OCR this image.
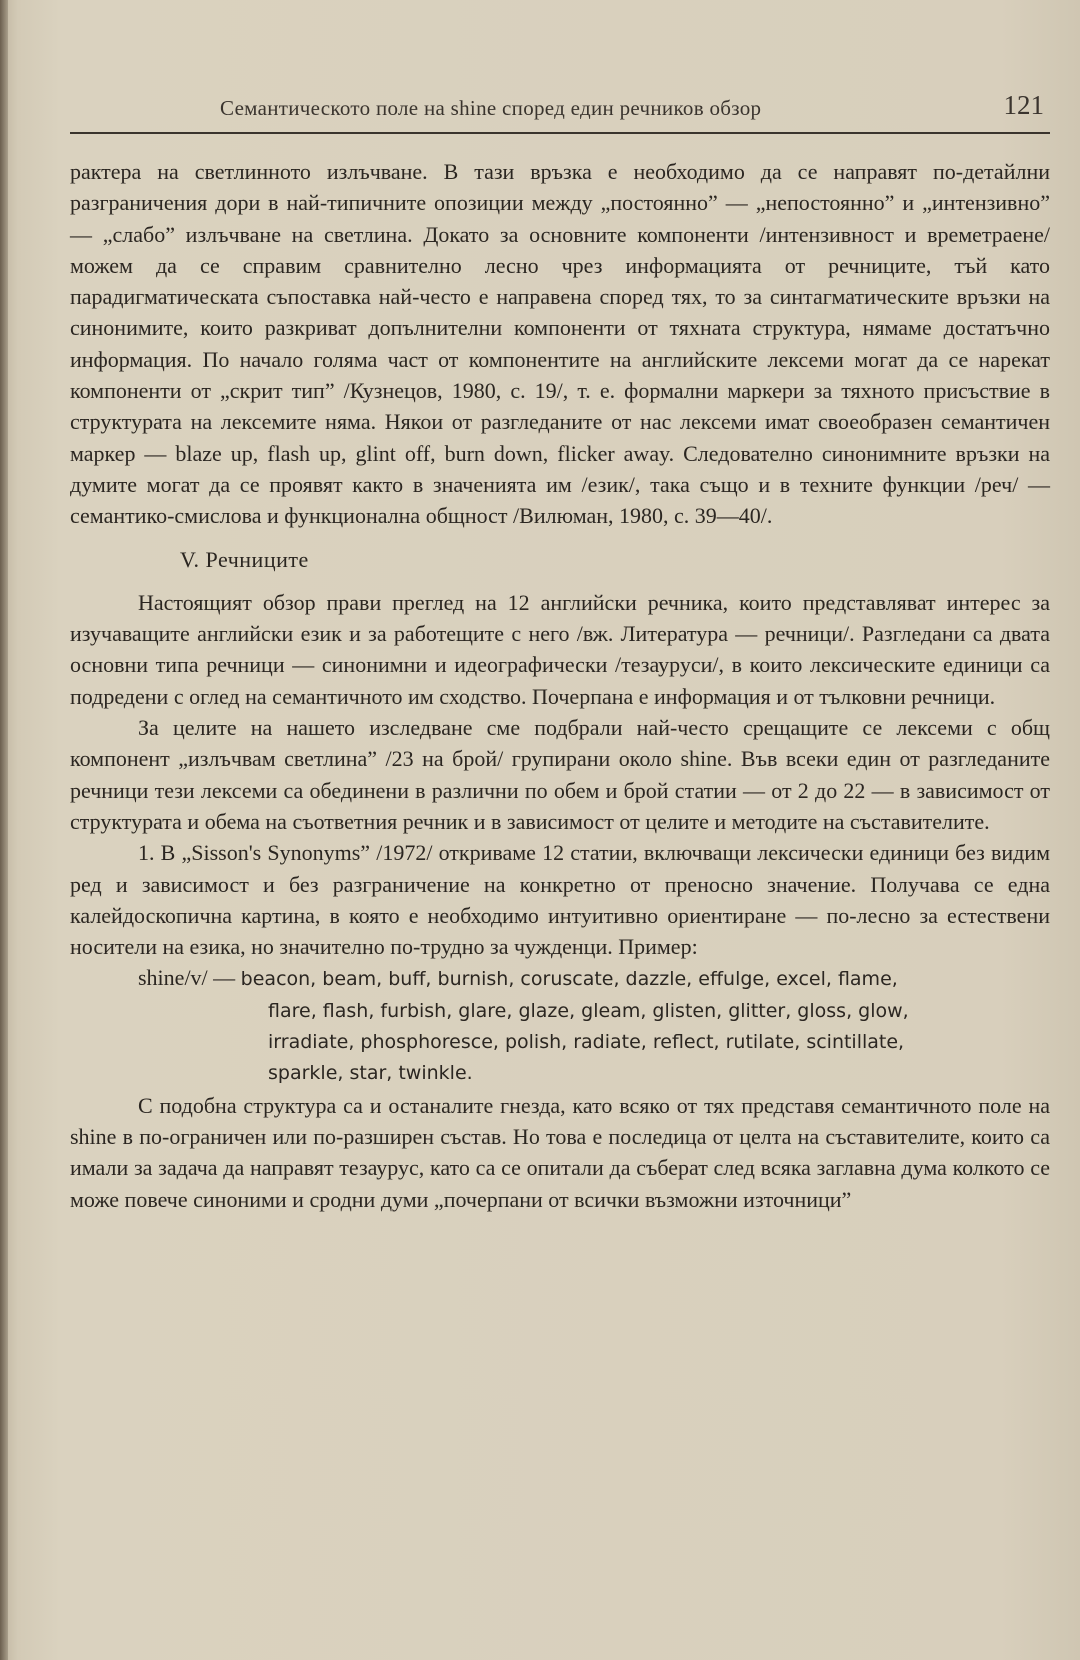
Семантическото поле на shine според един речников обзор	121

рактера на светлинното излъчване. В тази връзка е необходимо да се направят по-детайлни разграничения дори в най-типичните опозиции между „постоянно” — „непостоянно” и „интензивно” — „слабо” излъчване на светлина. Докато за основните компоненти /интензивност и времетраене/ можем да се справим сравнително лесно чрез информацията от речниците, тъй като парадигматическата съпоставка най-често е направена според тях, то за синтагматическите връзки на синонимите, които разкриват допълнителни компоненти от тяхната структура, нямаме достатъчно информация. По начало голяма част от компонентите на английските лексеми могат да се нарекат компоненти от „скрит тип” /Кузнецов, 1980, с. 19/, т. е. формални маркери за тяхното присъствие в структурата на лексемите няма. Някои от разгледаните от нас лексеми имат своеобразен семантичен маркер — blaze up, flash up, glint off, burn down, flicker away. Следователно синонимните връзки на думите могат да се проявят както в значенията им /език/, така също и в техните функции /реч/ — семантико-смислова и функционална общност /Вилюман, 1980, с. 39—40/.

V. Речниците

Настоящият обзор прави преглед на 12 английски речника, които представляват интерес за изучаващите английски език и за работещите с него /вж. Литература — речници/. Разгледани са двата основни типа речници — синонимни и идеографически /тезауруси/, в които лексическите единици са подредени с оглед на семантичното им сходство. Почерпана е информация и от тълковни речници.

За целите на нашето изследване сме подбрали най-често срещащите се лексеми с общ компонент „излъчвам светлина” /23 на брой/ групирани около shine. Във всеки един от разгледаните речници тези лексеми са обединени в различни по обем и брой статии — от 2 до 22 — в зависимост от структурата и обема на съответния речник и в зависимост от целите и методите на съставителите.

1. В „Sisson's Synonyms” /1972/ откриваме 12 статии, включващи лексически единици без видим ред и зависимост и без разграничение на конкретно от преносно значение. Получава се една калейдоскопична картина, в която е необходимо интуитивно ориентиране — по-лесно за естествени носители на езика, но значително по-трудно за чужденци. Пример:

shine/v/ — beacon, beam, buff, burnish, coruscate, dazzle, effulge, excel, flame,

flare, flash, furbish, glare, glaze, gleam, glisten, glitter, gloss, glow,

irradiate, phosphoresce, polish, radiate, reflect, rutilate, scintillate,

sparkle, star, twinkle.

С подобна структура са и останалите гнезда, като всяко от тях представя семантичното поле на shine в по-ограничен или по-разширен състав. Но това е последица от целта на съставителите, които са имали за задача да направят тезаурус, като са се опитали да съберат след всяка заглавна дума колкото се може повече синоними и сродни думи „почерпани от всички възможни източници”
